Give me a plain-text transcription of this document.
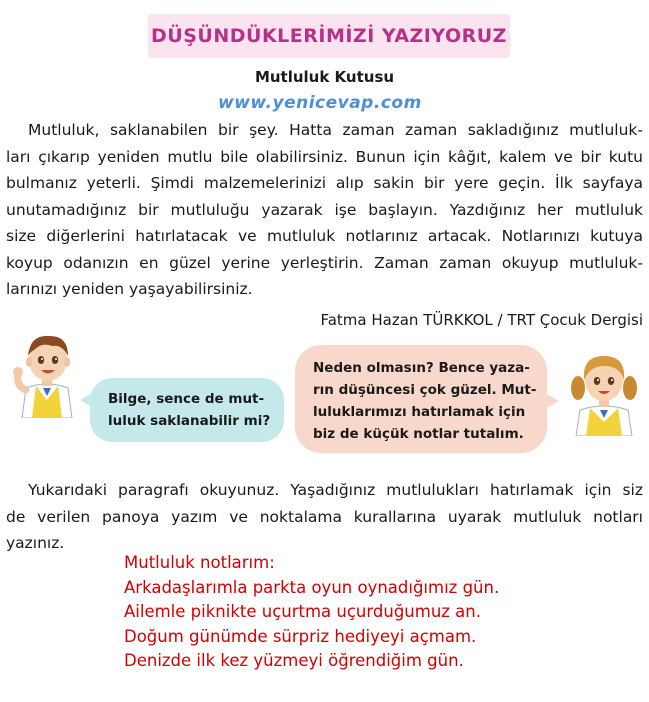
DÜŞÜNDÜKLERİMİZİ YAZIYORUZ
Mutluluk Kutusu
www.yenicevap.com
Mutluluk, saklanabilen bir şey. Hatta zaman zaman sakladığınız mutluluk-
ları çıkarıp yeniden mutlu bile olabilirsiniz. Bunun için kâğıt, kalem ve bir kutu
bulmanız yeterli. Şimdi malzemelerinizi alıp sakin bir yere geçin. İlk sayfaya
unutamadığınız bir mutluluğu yazarak işe başlayın. Yazdığınız her mutluluk
size diğerlerini hatırlatacak ve mutluluk notlarınız artacak. Notlarınızı kutuya
koyup odanızın en güzel yerine yerleştirin. Zaman zaman okuyup mutluluk-
larınızı yeniden yaşayabilirsiniz.
Fatma Hazan TÜRKKOL / TRT Çocuk Dergisi
Bilge, sence de mut-
luluk saklanabilir mi?
Neden olmasın? Bence yaza-
rın düşüncesi çok güzel. Mut-
luluklarımızı hatırlamak için
biz de küçük notlar tutalım.
Yukarıdaki paragrafı okuyunuz. Yaşadığınız mutlulukları hatırlamak için siz
de verilen panoya yazım ve noktalama kurallarına uyarak mutluluk notları
yazınız.
Mutluluk notlarım:
Arkadaşlarımla parkta oyun oynadığımız gün.
Ailemle piknikte uçurtma uçurduğumuz an.
Doğum günümde sürpriz hediyeyi açmam.
Denizde ilk kez yüzmeyi öğrendiğim gün.
